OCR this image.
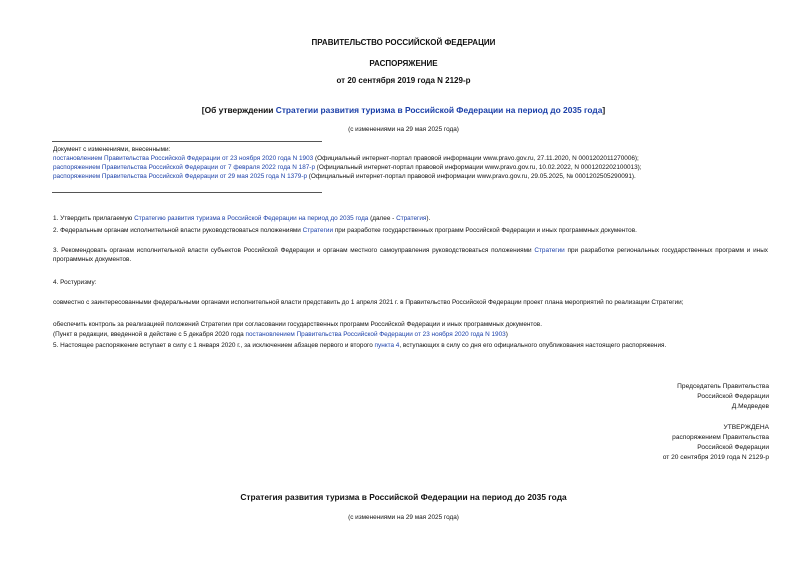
ПРАВИТЕЛЬСТВО РОССИЙСКОЙ ФЕДЕРАЦИИ
РАСПОРЯЖЕНИЕ
от 20 сентября 2019 года N 2129-р
[Об утверждении Стратегии развития туризма в Российской Федерации на период до 2035 года]
(с изменениями на 29 мая 2025 года)
Документ с изменениями, внесенными:
постановлением Правительства Российской Федерации от 23 ноября 2020 года N 1903 (Официальный интернет-портал правовой информации www.pravo.gov.ru, 27.11.2020, N 0001202011270006);
распоряжением Правительства Российской Федерации от 7 февраля 2022 года N 187-р (Официальный интернет-портал правовой информации www.pravo.gov.ru, 10.02.2022, N 0001202202100013);
распоряжением Правительства Российской Федерации от 29 мая 2025 года N 1379-р (Официальный интернет-портал правовой информации www.pravo.gov.ru, 29.05.2025, № 0001202505290091).
1. Утвердить прилагаемую Стратегию развития туризма в Российской Федерации на период до 2035 года (далее - Стратегия).
2. Федеральным органам исполнительной власти руководствоваться положениями Стратегии при разработке государственных программ Российской Федерации и иных программных документов.
3. Рекомендовать органам исполнительной власти субъектов Российской Федерации и органам местного самоуправления руководствоваться положениями Стратегии при разработке региональных государственных программ и иных программных документов.
4. Ростуризму:
совместно с заинтересованными федеральными органами исполнительной власти представить до 1 апреля 2021 г. в Правительство Российской Федерации проект плана мероприятий по реализации Стратегии;
обеспечить контроль за реализацией положений Стратегии при согласовании государственных программ Российской Федерации и иных программных документов.
(Пункт в редакции, введенной в действие с 5 декабря 2020 года постановлением Правительства Российской Федерации от 23 ноября 2020 года N 1903)
5. Настоящее распоряжение вступает в силу с 1 января 2020 г., за исключением абзацев первого и второго пункта 4, вступающих в силу со дня его официального опубликования настоящего распоряжения.
Председатель Правительства
Российской Федерации
Д.Медведев
УТВЕРЖДЕНА
распоряжением Правительства
Российской Федерации
от 20 сентября 2019 года N 2129-р
Стратегия развития туризма в Российской Федерации на период до 2035 года
(с изменениями на 29 мая 2025 года)
